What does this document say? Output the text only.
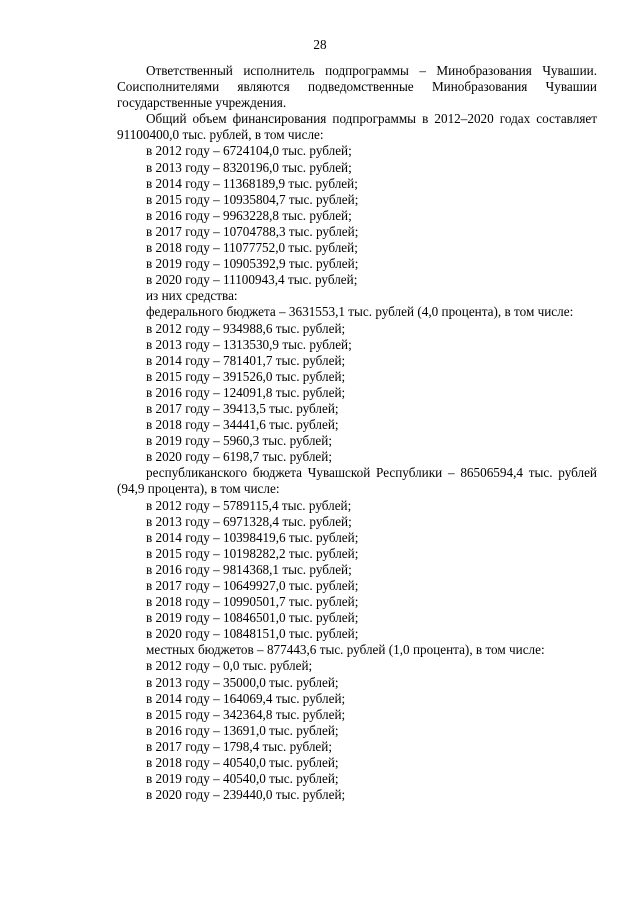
28

Ответственный исполнитель подпрограммы – Минобразования Чувашии. Соисполнителями являются подведомственные Минобразования Чувашии государственные учреждения.

Общий объем финансирования подпрограммы в 2012–2020 годах составляет 91100400,0 тыс. рублей, в том числе:

в 2012 году – 6724104,0 тыс. рублей;

в 2013 году – 8320196,0 тыс. рублей;

в 2014 году – 11368189,9 тыс. рублей;

в 2015 году – 10935804,7 тыс. рублей;

в 2016 году – 9963228,8 тыс. рублей;

в 2017 году – 10704788,3 тыс. рублей;

в 2018 году – 11077752,0 тыс. рублей;

в 2019 году – 10905392,9 тыс. рублей;

в 2020 году – 11100943,4 тыс. рублей;

из них средства:

федерального бюджета – 3631553,1 тыс. рублей (4,0 процента), в том числе:

в 2012 году – 934988,6 тыс. рублей;

в 2013 году – 1313530,9 тыс. рублей;

в 2014 году – 781401,7 тыс. рублей;

в 2015 году – 391526,0 тыс. рублей;

в 2016 году – 124091,8 тыс. рублей;

в 2017 году – 39413,5 тыс. рублей;

в 2018 году – 34441,6 тыс. рублей;

в 2019 году – 5960,3 тыс. рублей;

в 2020 году – 6198,7 тыс. рублей;

республиканского бюджета Чувашской Республики – 86506594,4 тыс. рублей (94,9 процента), в том числе:

в 2012 году – 5789115,4 тыс. рублей;

в 2013 году – 6971328,4 тыс. рублей;

в 2014 году – 10398419,6 тыс. рублей;

в 2015 году – 10198282,2 тыс. рублей;

в 2016 году – 9814368,1 тыс. рублей;

в 2017 году – 10649927,0 тыс. рублей;

в 2018 году – 10990501,7 тыс. рублей;

в 2019 году – 10846501,0 тыс. рублей;

в 2020 году – 10848151,0 тыс. рублей;

местных бюджетов – 877443,6 тыс. рублей (1,0 процента), в том числе:

в 2012 году – 0,0 тыс. рублей;

в 2013 году – 35000,0 тыс. рублей;

в 2014 году – 164069,4 тыс. рублей;

в 2015 году – 342364,8 тыс. рублей;

в 2016 году – 13691,0 тыс. рублей;

в 2017 году – 1798,4 тыс. рублей;

в 2018 году – 40540,0 тыс. рублей;

в 2019 году – 40540,0 тыс. рублей;

в 2020 году – 239440,0 тыс. рублей;
